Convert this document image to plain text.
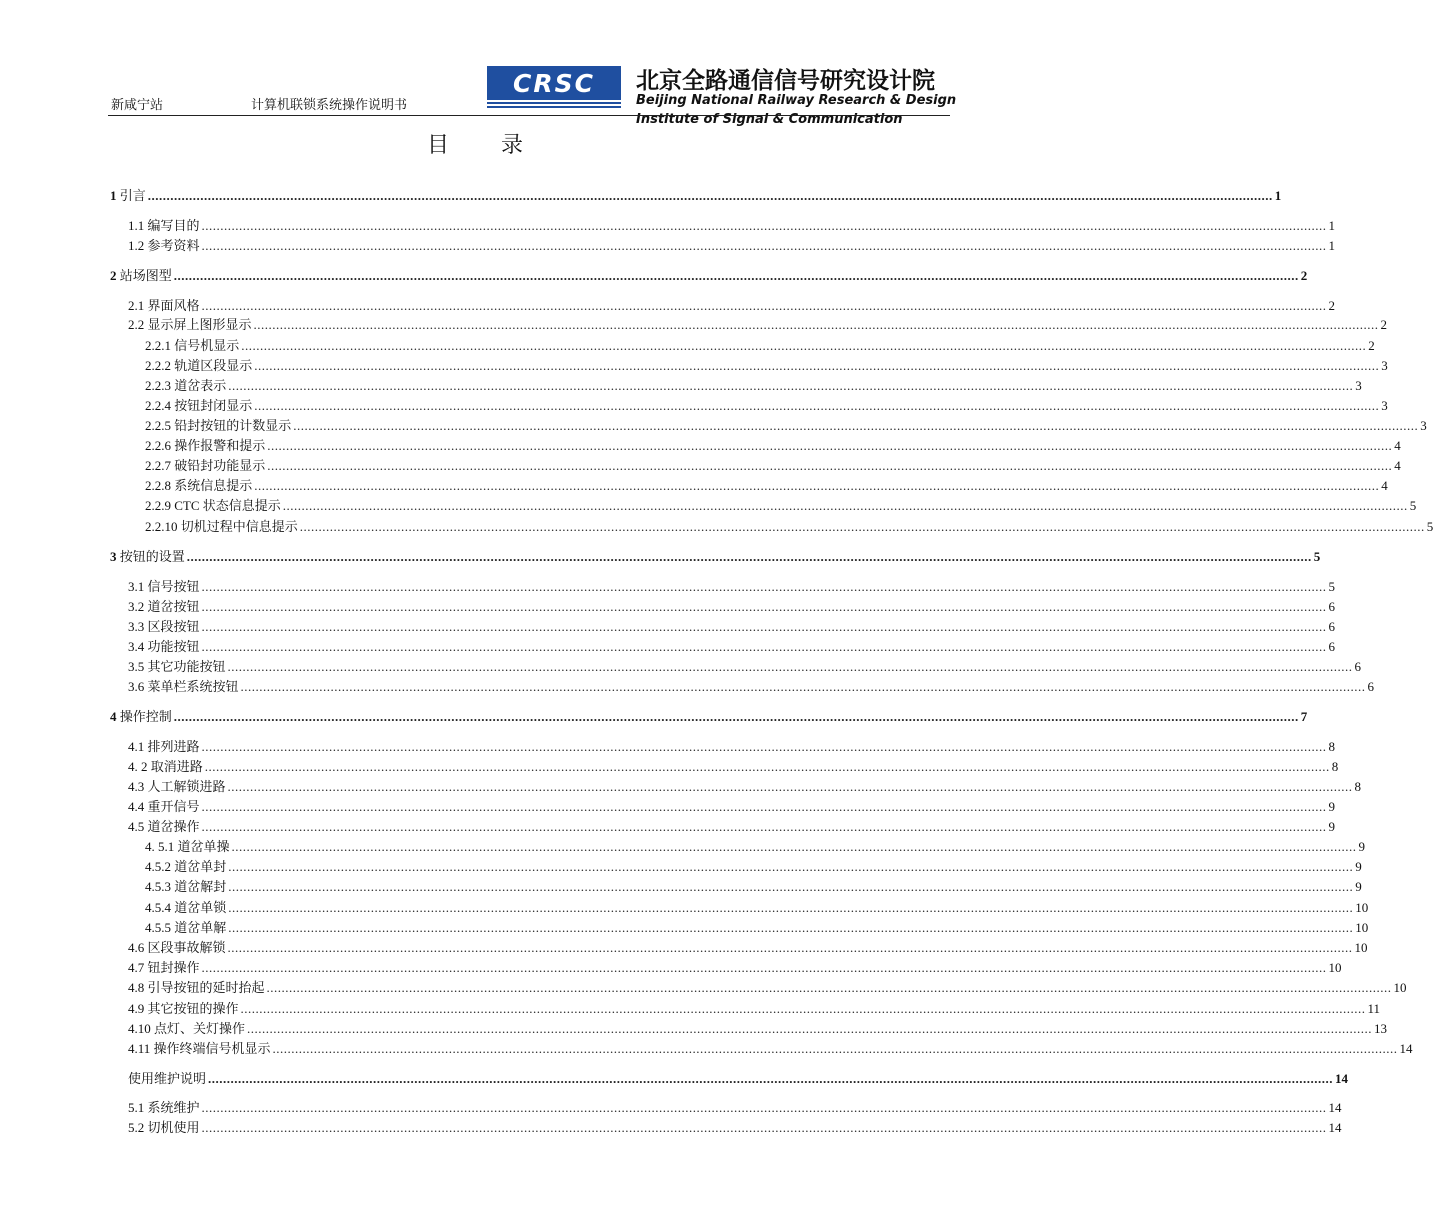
新咸宁站	计算机联锁系统操作说明书
CRSC	北京全路通信信号研究设计院
Beijing National Railway Research & Design
Institute of Signal & Communication
目 录
1 引言 ............................................................................................................................................................................................................................................................................................................ 1
1.1 编写目的 ............................................................................................................................................................................................................................................................................................................ 1
1.2 参考资料 ............................................................................................................................................................................................................................................................................................................ 1
2 站场图型 ............................................................................................................................................................................................................................................................................................................ 2
2.1 界面风格 ............................................................................................................................................................................................................................................................................................................ 2
2.2 显示屏上图形显示 ............................................................................................................................................................................................................................................................................................................ 2
2.2.1 信号机显示 ............................................................................................................................................................................................................................................................................................................ 2
2.2.2 轨道区段显示 ............................................................................................................................................................................................................................................................................................................ 3
2.2.3 道岔表示 ............................................................................................................................................................................................................................................................................................................ 3
2.2.4 按钮封闭显示 ............................................................................................................................................................................................................................................................................................................ 3
2.2.5 铅封按钮的计数显示 ............................................................................................................................................................................................................................................................................................................ 3
2.2.6 操作报警和提示 ............................................................................................................................................................................................................................................................................................................ 4
2.2.7 破铅封功能显示 ............................................................................................................................................................................................................................................................................................................ 4
2.2.8 系统信息提示 ............................................................................................................................................................................................................................................................................................................ 4
2.2.9 CTC 状态信息提示 ............................................................................................................................................................................................................................................................................................................ 5
2.2.10 切机过程中信息提示 ............................................................................................................................................................................................................................................................................................................ 5
3 按钮的设置 ............................................................................................................................................................................................................................................................................................................ 5
3.1 信号按钮 ............................................................................................................................................................................................................................................................................................................ 5
3.2 道岔按钮 ............................................................................................................................................................................................................................................................................................................ 6
3.3 区段按钮 ............................................................................................................................................................................................................................................................................................................ 6
3.4 功能按钮 ............................................................................................................................................................................................................................................................................................................ 6
3.5 其它功能按钮 ............................................................................................................................................................................................................................................................................................................ 6
3.6 菜单栏系统按钮 ............................................................................................................................................................................................................................................................................................................ 6
4 操作控制 ............................................................................................................................................................................................................................................................................................................ 7
4.1 排列进路 ............................................................................................................................................................................................................................................................................................................ 8
4. 2 取消进路 ............................................................................................................................................................................................................................................................................................................ 8
4.3 人工解锁进路 ............................................................................................................................................................................................................................................................................................................ 8
4.4 重开信号 ............................................................................................................................................................................................................................................................................................................ 9
4.5 道岔操作 ............................................................................................................................................................................................................................................................................................................ 9
4. 5.1 道岔单操 ............................................................................................................................................................................................................................................................................................................ 9
4.5.2 道岔单封 ............................................................................................................................................................................................................................................................................................................ 9
4.5.3 道岔解封 ............................................................................................................................................................................................................................................................................................................ 9
4.5.4 道岔单锁 ............................................................................................................................................................................................................................................................................................................ 10
4.5.5 道岔单解 ............................................................................................................................................................................................................................................................................................................ 10
4.6 区段事故解锁 ............................................................................................................................................................................................................................................................................................................ 10
4.7 钮封操作 ............................................................................................................................................................................................................................................................................................................ 10
4.8 引导按钮的延时抬起 ............................................................................................................................................................................................................................................................................................................ 10
4.9 其它按钮的操作 ............................................................................................................................................................................................................................................................................................................ 11
4.10 点灯、关灯操作 ............................................................................................................................................................................................................................................................................................................ 13
4.11 操作终端信号机显示 ............................................................................................................................................................................................................................................................................................................ 14
使用维护说明 ............................................................................................................................................................................................................................................................................................................ 14
5.1 系统维护 ............................................................................................................................................................................................................................................................................................................ 14
5.2 切机使用 ............................................................................................................................................................................................................................................................................................................ 14
